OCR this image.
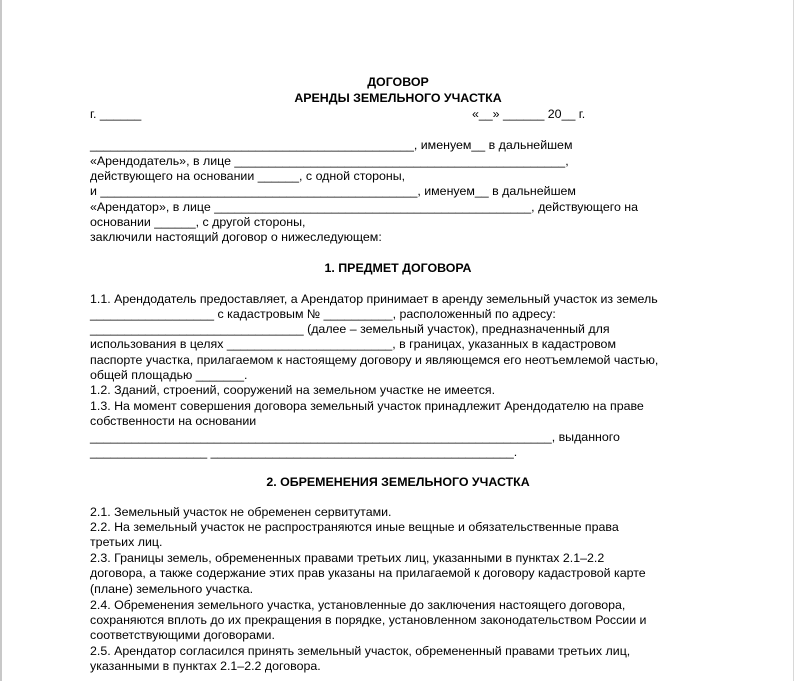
ДОГОВОР
АРЕНДЫ ЗЕМЕЛЬНОГО УЧАСТКА
г. ______	«__» ______ 20__ г.
_______________________________________________, именуем__ в дальнейшем
«Арендодатель», в лице ________________________________________________,
действующего на основании ______, с одной стороны,
и ______________________________________________, именуем__ в дальнейшем
«Арендатор», в лице ______________________________________________, действующего на
основании ______, с другой стороны,
заключили настоящий договор о нижеследующем:
1. ПРЕДМЕТ ДОГОВОРА
1.1. Арендодатель предоставляет, а Арендатор принимает в аренду земельный участок из земель
__________________ с кадастровым № __________, расположенный по адресу:
_______________________________ (далее – земельный участок), предназначенный для
использования в целях ________________________, в границах, указанных в кадастровом
паспорте участка, прилагаемом к настоящему договору и являющемся его неотъемлемой частью,
общей площадью _______.
1.2. Зданий, строений, сооружений на земельном участке не имеется.
1.3. На момент совершения договора земельный участок принадлежит Арендодателю на праве
собственности на основании
___________________________________________________________________, выданного
_________________ ____________________________________________.
2. ОБРЕМЕНЕНИЯ ЗЕМЕЛЬНОГО УЧАСТКА
2.1. Земельный участок не обременен сервитутами.
2.2. На земельный участок не распространяются иные вещные и обязательственные права
третьих лиц.
2.3. Границы земель, обремененных правами третьих лиц, указанными в пунктах 2.1–2.2
договора, а также содержание этих прав указаны на прилагаемой к договору кадастровой карте
(плане) земельного участка.
2.4. Обременения земельного участка, установленные до заключения настоящего договора,
сохраняются вплоть до их прекращения в порядке, установленном законодательством России и
соответствующими договорами.
2.5. Арендатор согласился принять земельный участок, обремененный правами третьих лиц,
указанными в пунктах 2.1–2.2 договора.
